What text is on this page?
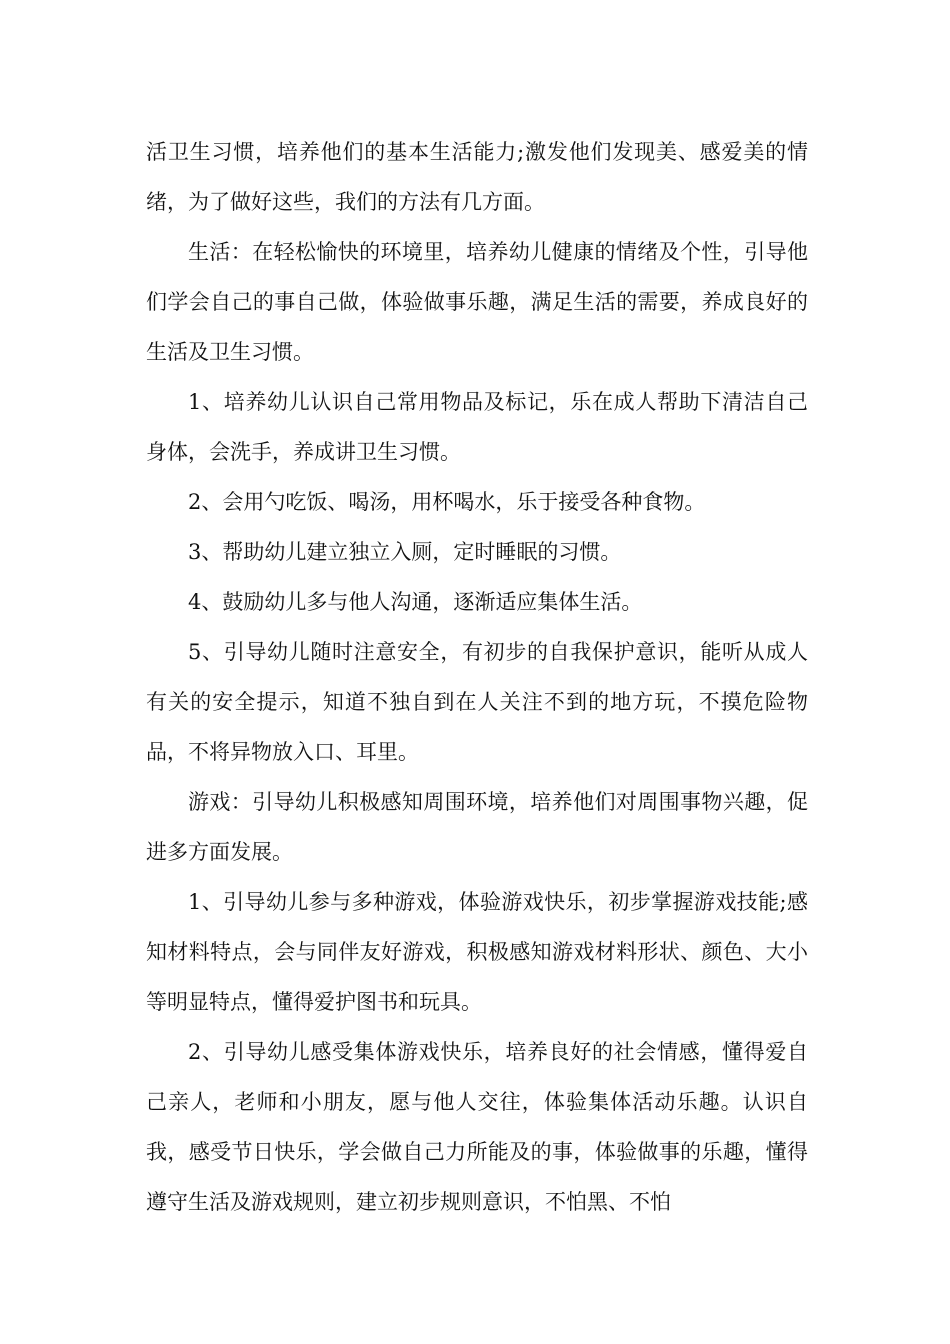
活卫生习惯，培养他们的基本生活能力;激发他们发现美、感爱美的情绪，为了做好这些，我们的方法有几方面。

生活：在轻松愉快的环境里，培养幼儿健康的情绪及个性，引导他们学会自己的事自己做，体验做事乐趣，满足生活的需要，养成良好的生活及卫生习惯。

1、培养幼儿认识自己常用物品及标记，乐在成人帮助下清洁自己身体，会洗手，养成讲卫生习惯。

2、会用勺吃饭、喝汤，用杯喝水，乐于接受各种食物。

3、帮助幼儿建立独立入厕，定时睡眠的习惯。

4、鼓励幼儿多与他人沟通，逐渐适应集体生活。

5、引导幼儿随时注意安全，有初步的自我保护意识，能听从成人有关的安全提示，知道不独自到在人关注不到的地方玩，不摸危险物品，不将异物放入口、耳里。

游戏：引导幼儿积极感知周围环境，培养他们对周围事物兴趣，促进多方面发展。

1、引导幼儿参与多种游戏，体验游戏快乐，初步掌握游戏技能;感知材料特点，会与同伴友好游戏，积极感知游戏材料形状、颜色、大小等明显特点，懂得爱护图书和玩具。

2、引导幼儿感受集体游戏快乐，培养良好的社会情感，懂得爱自己亲人，老师和小朋友，愿与他人交往，体验集体活动乐趣。认识自我，感受节日快乐，学会做自己力所能及的事，体验做事的乐趣，懂得遵守生活及游戏规则，建立初步规则意识，不怕黑、不怕
